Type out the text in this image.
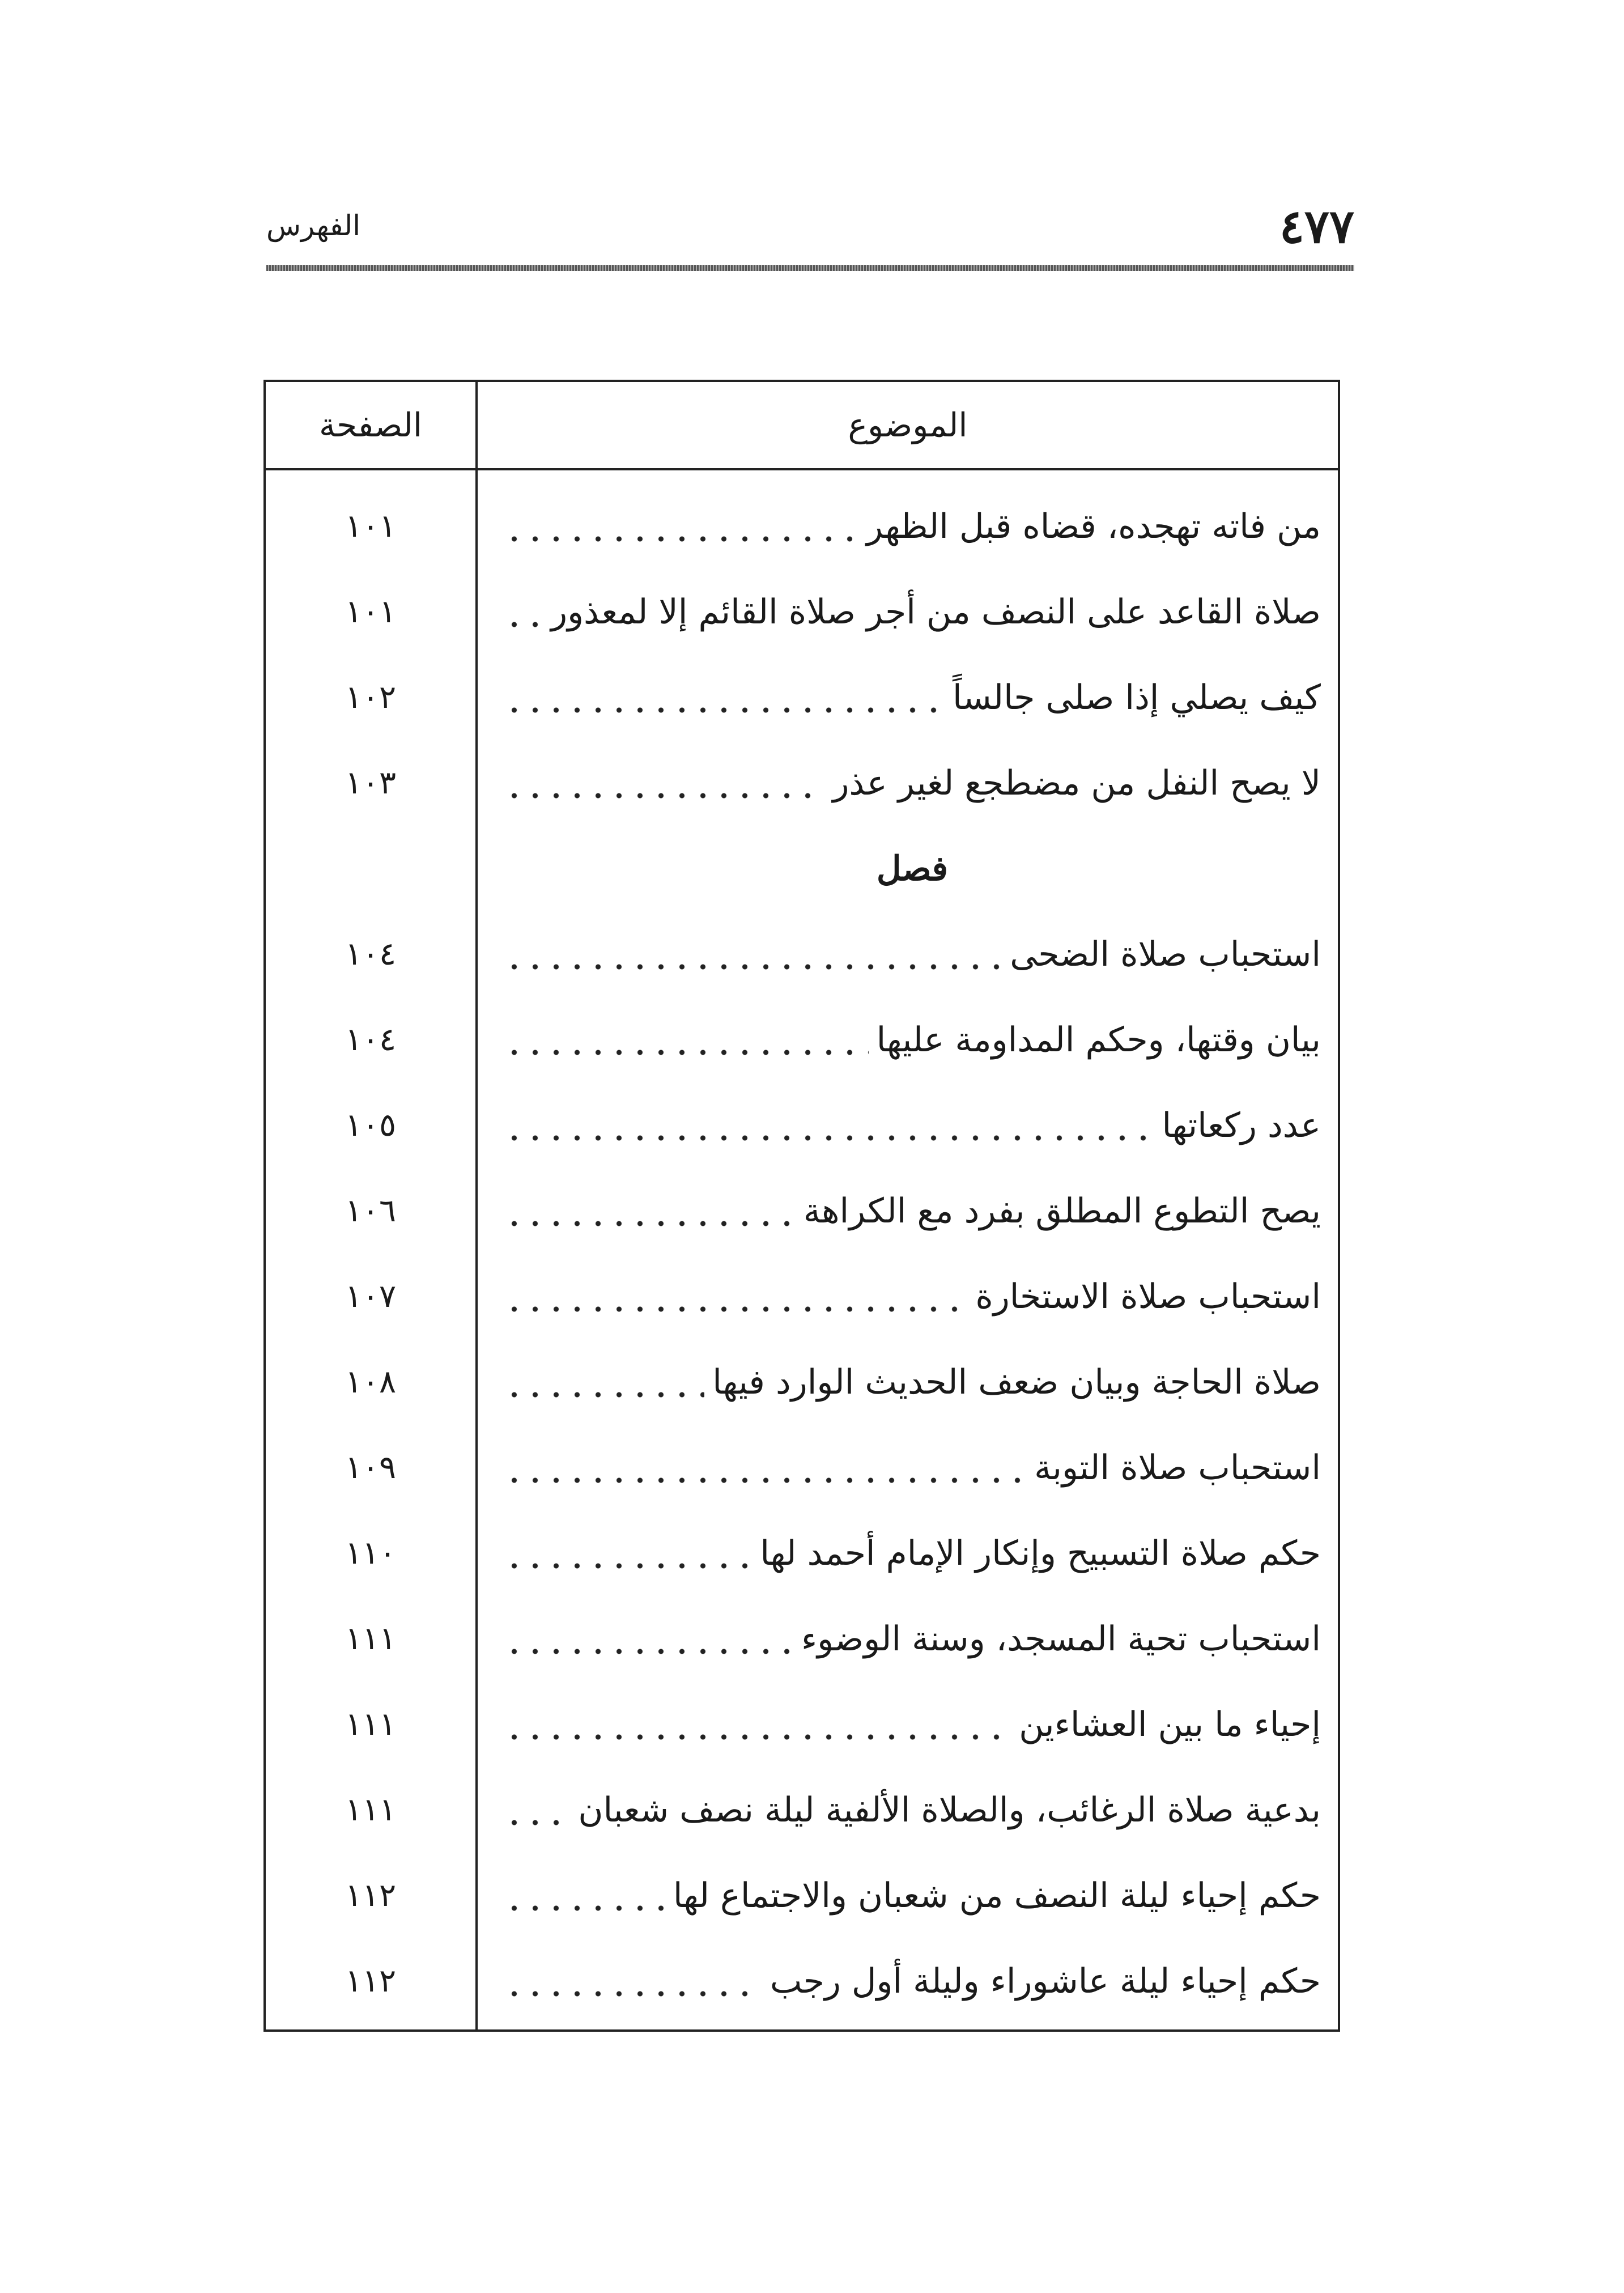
الفهرس	٤٧٧
الموضوع
الصفحة
من فاته تهجده، قضاه قبل الظهر
١٠١
صلاة القاعد على النصف من أجر صلاة القائم إلا لمعذور
١٠١
كيف يصلي إذا صلى جالساً
١٠٢
لا يصح النفل من مضطجع لغير عذر
١٠٣
فصل
استحباب صلاة الضحى
١٠٤
بيان وقتها، وحكم المداومة عليها
١٠٤
عدد ركعاتها
١٠٥
يصح التطوع المطلق بفرد مع الكراهة
١٠٦
استحباب صلاة الاستخارة
١٠٧
صلاة الحاجة وبيان ضعف الحديث الوارد فيها
١٠٨
استحباب صلاة التوبة
١٠٩
حكم صلاة التسبيح وإنكار الإمام أحمد لها
١١٠
استحباب تحية المسجد، وسنة الوضوء
١١١
إحياء ما بين العشاءين
١١١
بدعية صلاة الرغائب، والصلاة الألفية ليلة نصف شعبان
١١١
حكم إحياء ليلة النصف من شعبان والاجتماع لها
١١٢
حكم إحياء ليلة عاشوراء وليلة أول رجب
١١٢
